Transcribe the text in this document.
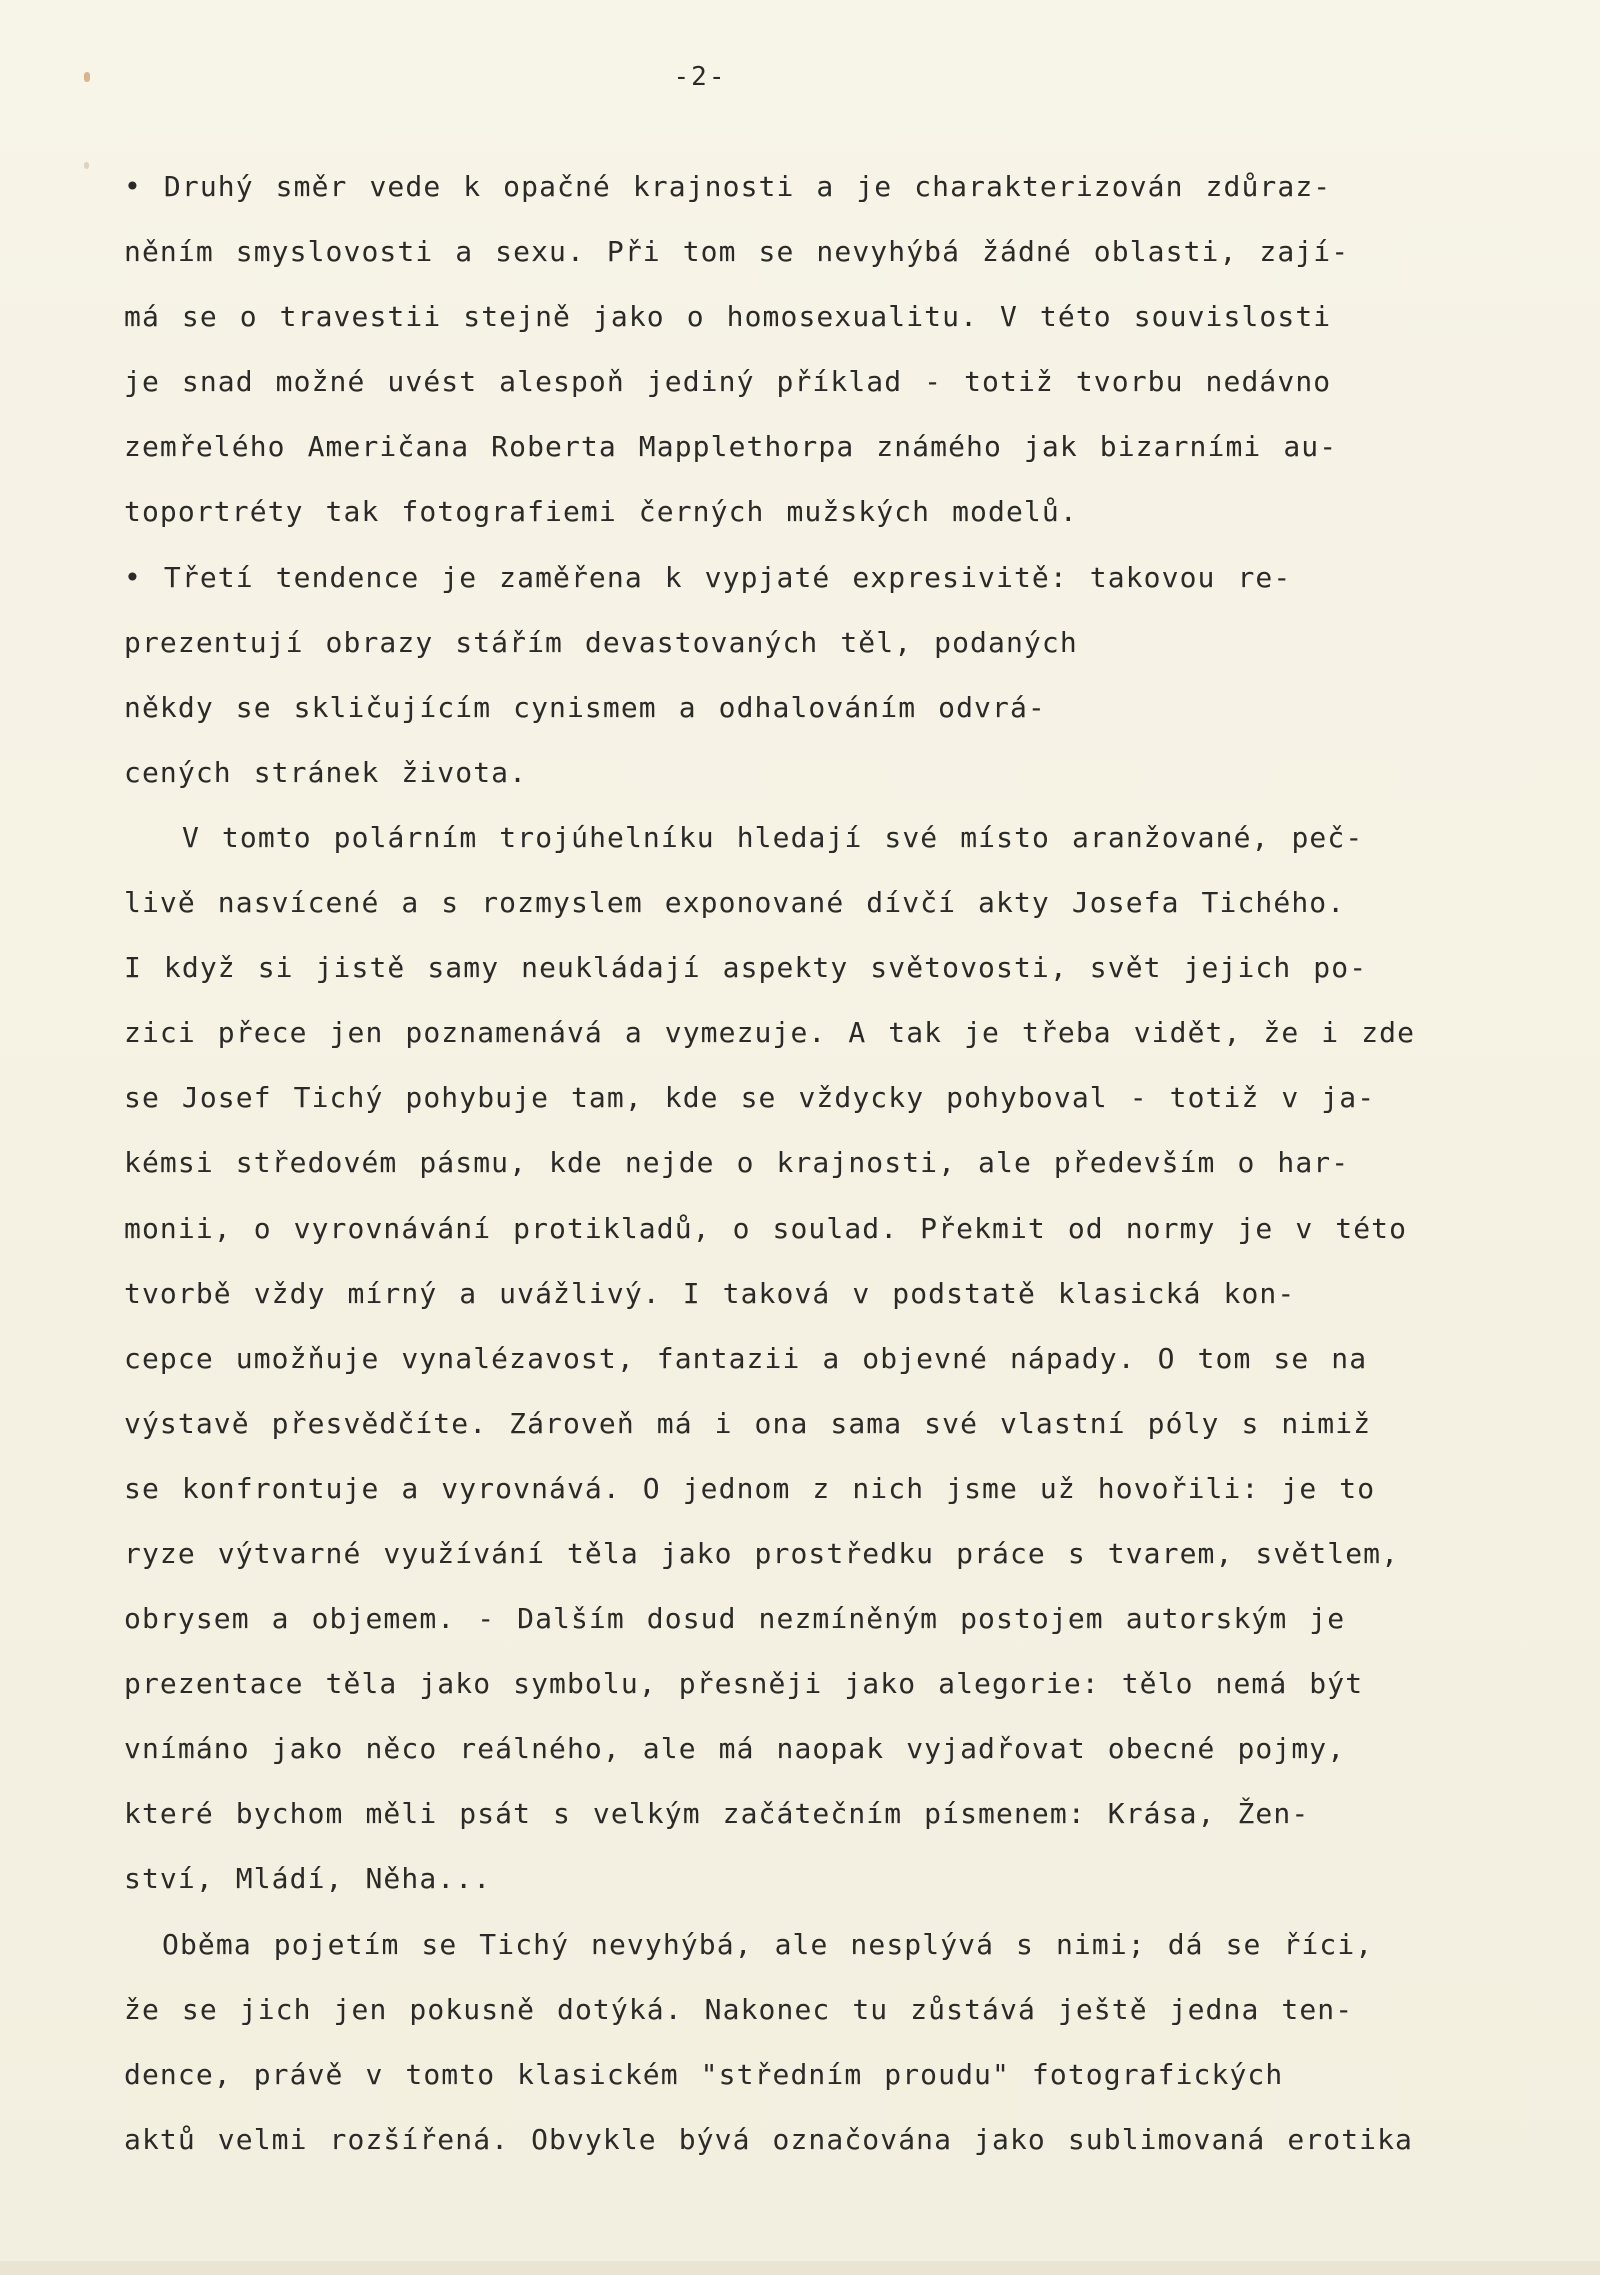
-2-
• Druhý směr vede k opačné krajnosti a je charakterizován zdůraz-
něním smyslovosti a sexu. Při tom se nevyhýbá žádné oblasti, zají-
má se o travestii stejně jako o homosexualitu. V této souvislosti
je snad možné uvést alespoň jediný příklad - totiž tvorbu nedávno
zemřelého Američana Roberta Mapplethorpa známého jak bizarními au-
toportréty tak fotografiemi černých mužských modelů.
• Třetí tendence je zaměřena k vypjaté expresivitě: takovou re-
prezentují obrazy stářím devastovaných těl, podaných
někdy se skličujícím cynismem a odhalováním odvrá-
cených stránek života.
V tomto polárním trojúhelníku hledají své místo aranžované, peč-
livě nasvícené a s rozmyslem exponované dívčí akty Josefa Tichého.
I když si jistě samy neukládají aspekty světovosti, svět jejich po-
zici přece jen poznamenává a vymezuje. A tak je třeba vidět, že i zde
se Josef Tichý pohybuje tam, kde se vždycky pohyboval - totiž v ja-
kémsi středovém pásmu, kde nejde o krajnosti, ale především o har-
monii, o vyrovnávání protikladů, o soulad. Překmit od normy je v této
tvorbě vždy mírný a uvážlivý. I taková v podstatě klasická kon-
cepce umožňuje vynalézavost, fantazii a objevné nápady. O tom se na
výstavě přesvědčíte. Zároveň má i ona sama své vlastní póly s nimiž
se konfrontuje a vyrovnává. O jednom z nich jsme už hovořili: je to
ryze výtvarné využívání těla jako prostředku práce s tvarem, světlem,
obrysem a objemem. - Dalším dosud nezmíněným postojem autorským je
prezentace těla jako symbolu, přesněji jako alegorie: tělo nemá být
vnímáno jako něco reálného, ale má naopak vyjadřovat obecné pojmy,
které bychom měli psát s velkým začátečním písmenem: Krása, Žen-
ství, Mládí, Něha...
Oběma pojetím se Tichý nevyhýbá, ale nesplývá s nimi; dá se říci,
že se jich jen pokusně dotýká. Nakonec tu zůstává ještě jedna ten-
dence, právě v tomto klasickém "středním proudu" fotografických
aktů velmi rozšířená. Obvykle bývá označována jako sublimovaná erotika
